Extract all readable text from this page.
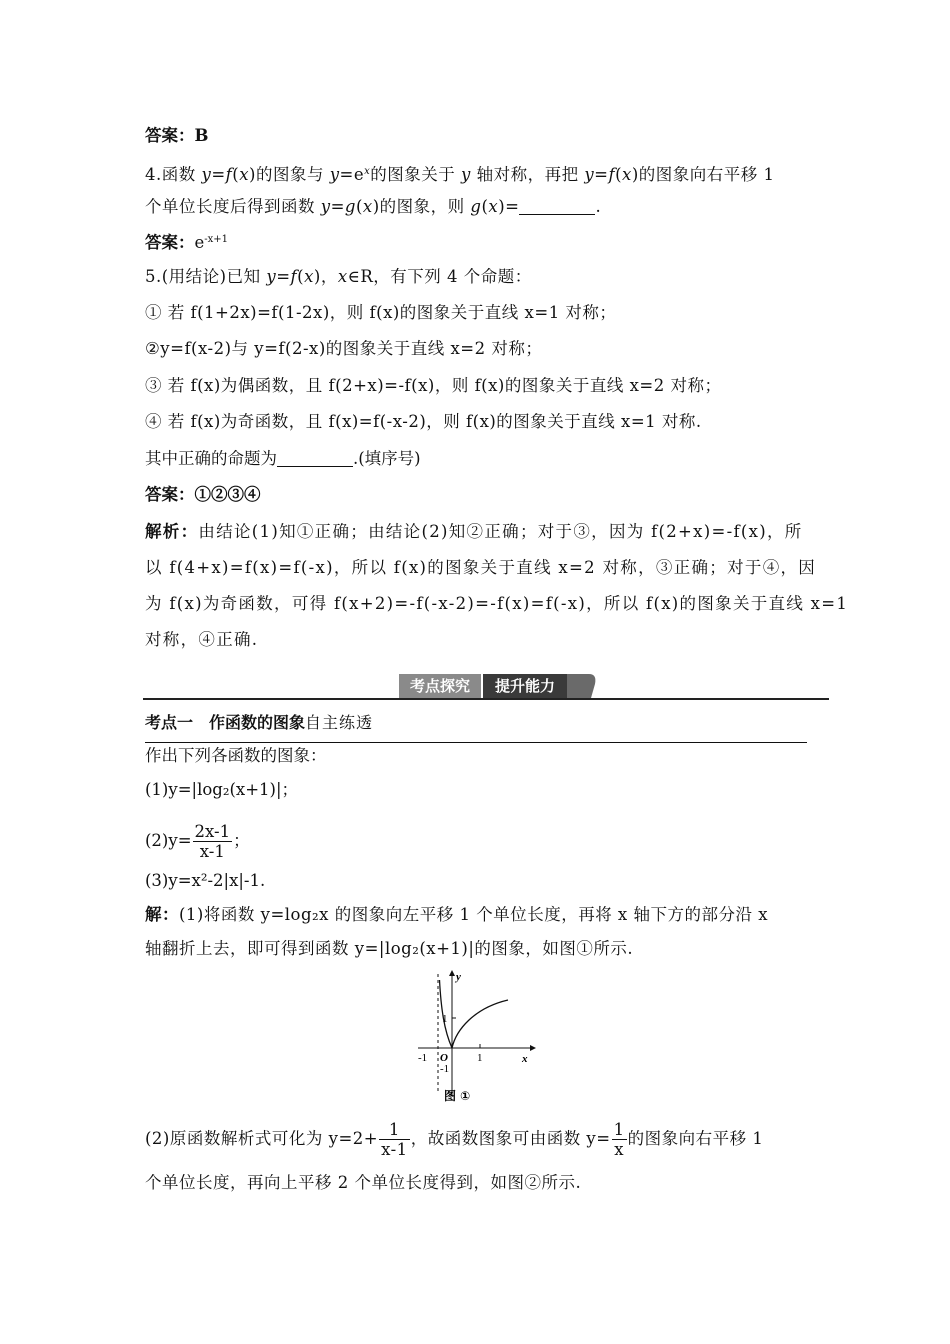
答案：B
4.函数 y=f(x)的图象与 $y=e^x$的图象关于 y 轴对称，再把 y=f(x)的图象向右平移 1
个单位长度后得到函数 y=g(x)的图象，则 g(x)=	.
答案：$e^{-x+1}$
5.(用结论)已知 y=f(x)，x∈R，有下列 4 个命题：
① 若 f(1+2x)=f(1-2x)，则 f(x)的图象关于直线 x=1 对称；
②y=f(x-2)与 y=f(2-x)的图象关于直线 x=2 对称；
③ 若 f(x)为偶函数，且 f(2+x)=-f(x)，则 f(x)的图象关于直线 x=2 对称；
④ 若 f(x)为奇函数，且 f(x)=f(-x-2)，则 f(x)的图象关于直线 x=1 对称.
其中正确的命题为	.(填序号)
答案：①②③④
解析：由结论(1)知①正确；由结论(2)知②正确；对于③，因为 f(2+x)=-f(x)，所
以 f(4+x)=f(x)=f(-x)，所以 f(x)的图象关于直线 x=2 对称，③正确；对于④，因
为 f(x)为奇函数，可得 f(x+2)=-f(-x-2)=-f(x)=f(-x)，所以 f(x)的图象关于直线 x=1
对称，④正确.
考点探究	提升能力
考点一　作函数的图象自主练透
作出下列各函数的图象：
(1)y=|log₂(x+1)|；
$(2)y= \frac{2x-1}{x-1}$ ；
(3)y=x²-2|x|-1.
解：(1)将函数 y=log₂x 的图象向左平移 1 个单位长度，再将 x 轴下方的部分沿 x
轴翻折上去，即可得到函数 y=|log₂(x+1)|的图象，如图①所示.
y
x
O
-1	1
1
-1
图 ①
(2)原函数解析式可化为 $y=2+ \frac{1}{x-1}$ ，故函数图象可由函数 $y= \frac{1}{x}$ 的图象向右平移 1
个单位长度，再向上平移 2 个单位长度得到，如图②所示.
